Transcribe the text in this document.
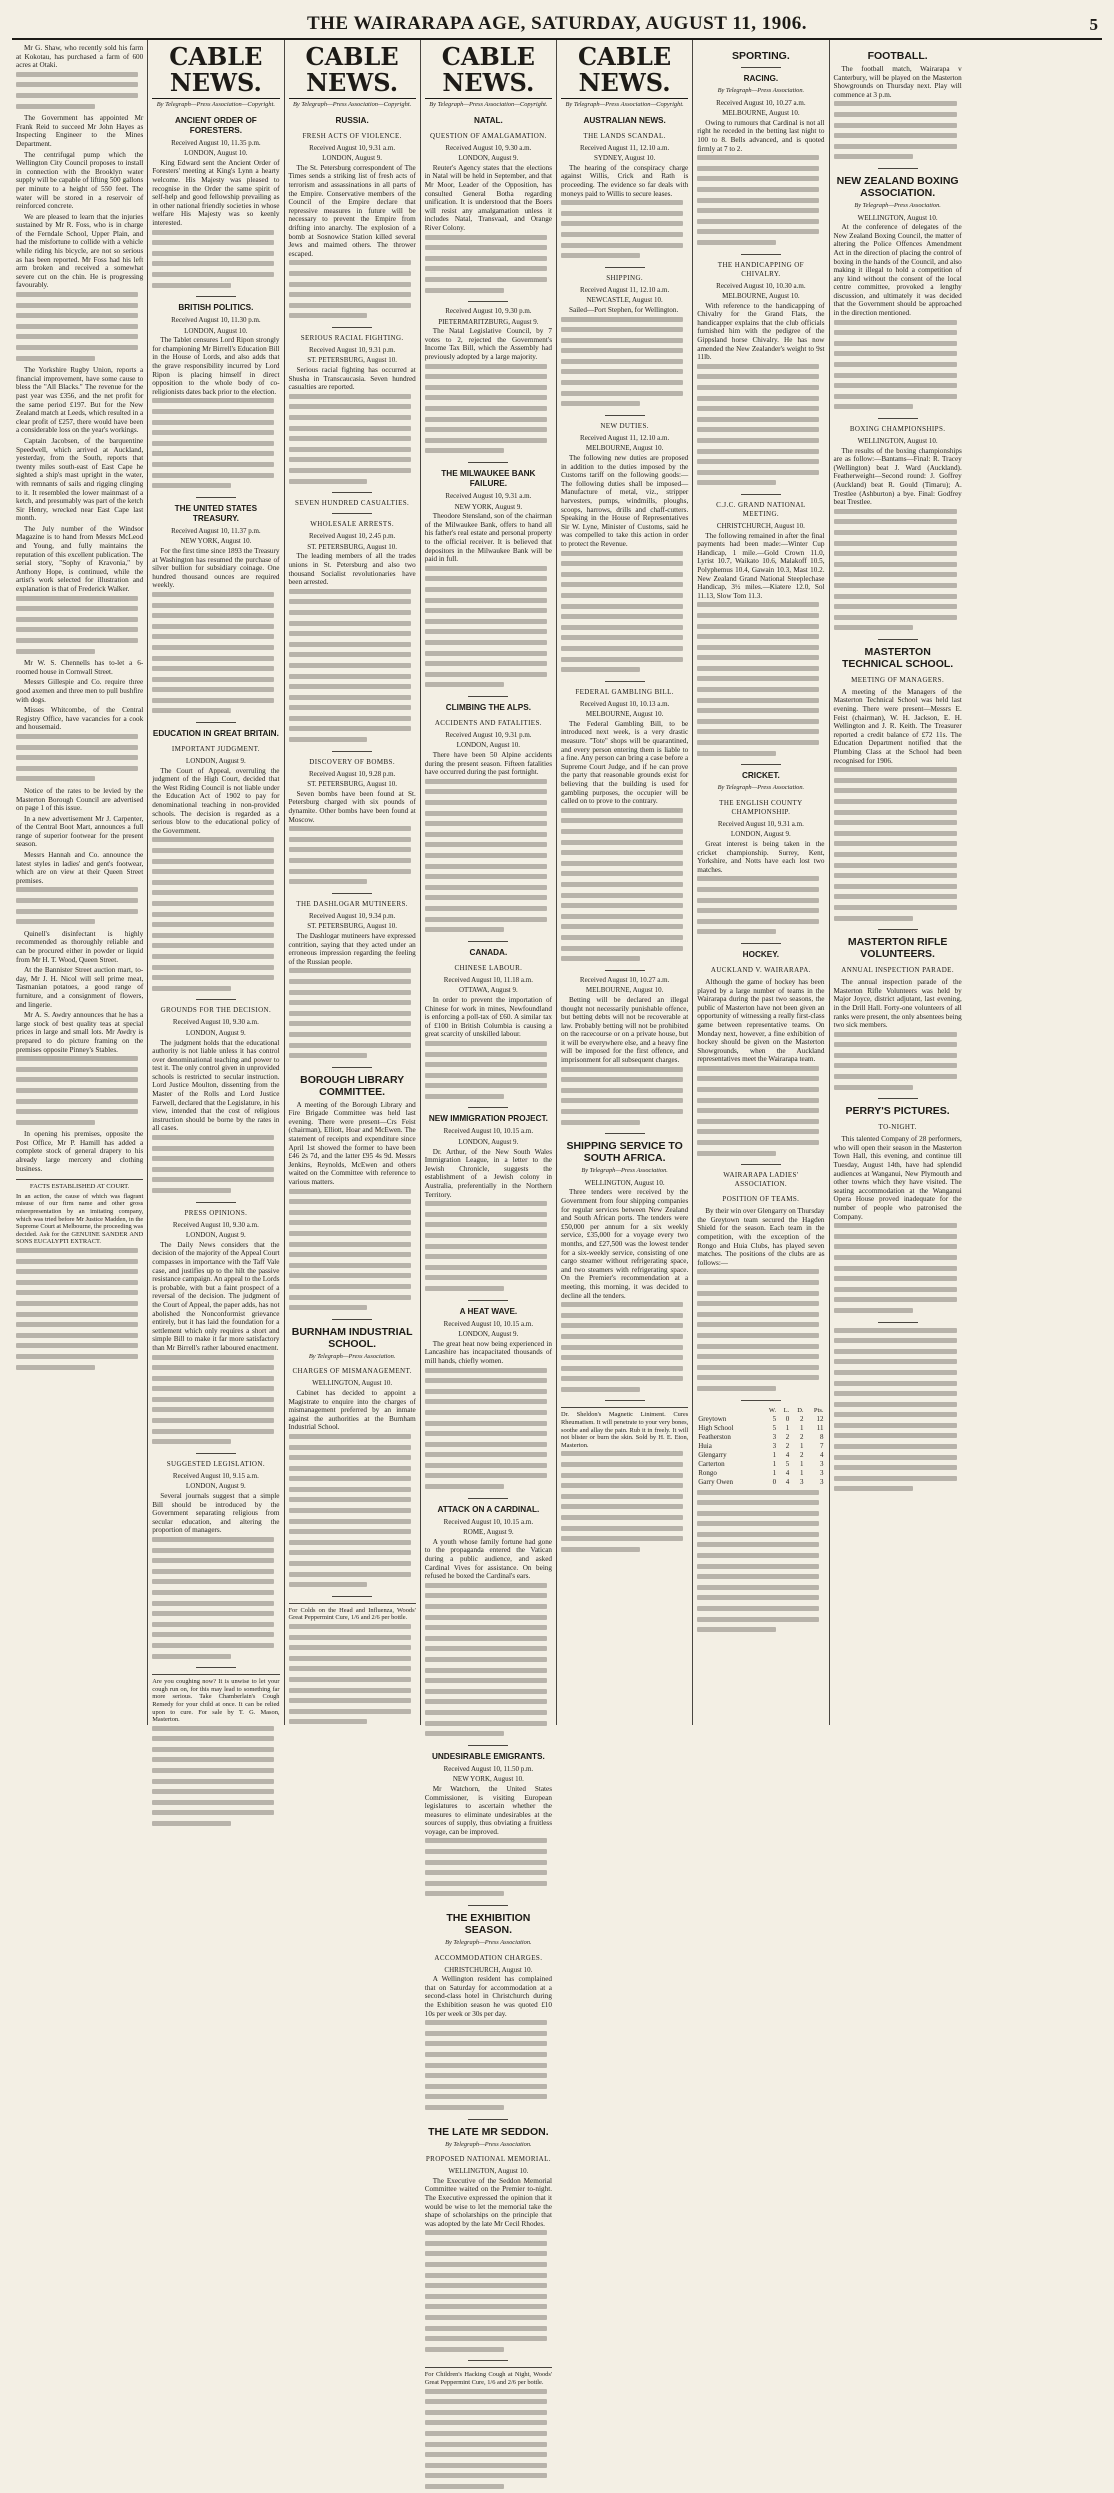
THE WAIRARAPA AGE, SATURDAY, AUGUST 11, 1906.	5

Mr G. Shaw, who recently sold his farm at Kokotau, has purchased a farm of 600 acres at Otaki.

The Government has appointed Mr Frank Reid to succeed Mr John Hayes as Inspecting Engineer to the Mines Department.

The centrifugal pump which the Wellington City Council proposes to install in connection with the Brooklyn water supply will be capable of lifting 500 gallons per minute to a height of 550 feet. The water will be stored in a reservoir of reinforced concrete.

We are pleased to learn that the injuries sustained by Mr R. Foss, who is in charge of the Ferndale School, Upper Plain, and had the misfortune to collide with a vehicle while riding his bicycle, are not so serious as has been reported. Mr Foss had his left arm broken and received a somewhat severe cut on the chin. He is progressing favourably.

The Yorkshire Rugby Union, reports a financial improvement, have some cause to bless the "All Blacks." The revenue for the past year was £356, and the net profit for the same period £197. But for the New Zealand match at Leeds, which resulted in a clear profit of £257, there would have been a considerable loss on the year's workings.

Captain Jacobsen, of the barquentine Speedwell, which arrived at Auckland, yesterday, from the South, reports that twenty miles south-east of East Cape he sighted a ship's mast upright in the water, with remnants of sails and rigging clinging to it. It resembled the lower mainmast of a ketch, and presumably was part of the ketch Sir Henry, wrecked near East Cape last month.

The July number of the Windsor Magazine is to hand from Messrs McLeod and Young, and fully maintains the reputation of this excellent publication. The serial story, "Sophy of Kravonia," by Anthony Hope, is continued, while the artist's work selected for illustration and explanation is that of Frederick Walker.

Mr W. S. Chennells has to-let a 6-roomed house in Cornwall Street.

Messrs Gillespie and Co. require three good axemen and three men to pull bushfire with dogs.

Misses Whitcombe, of the Central Registry Office, have vacancies for a cook and housemaid.

Notice of the rates to be levied by the Masterton Borough Council are advertised on page 1 of this issue.

In a new advertisement Mr J. Carpenter, of the Central Boot Mart, announces a full range of superior footwear for the present season.

Messrs Hannah and Co. announce the latest styles in ladies' and gent's footwear, which are on view at their Queen Street premises.

Quinell's disinfectant is highly recommended as thoroughly reliable and can be procured either in powder or liquid from Mr H. T. Wood, Queen Street.

At the Bannister Street auction mart, to-day, Mr J. H. Nicol will sell prime meat, Tasmanian potatoes, a good range of furniture, and a consignment of flowers, and lingerie.

Mr A. S. Awdry announces that he has a large stock of best quality teas at special prices in large and small lots. Mr Awdry is prepared to do picture framing on the premises opposite Pinney's Stables.

In opening his premises, opposite the Post Office, Mr P. Hamill has added a complete stock of general drapery to his already large mercery and clothing business.

FACTS ESTABLISHED AT COURT.
In an action, the cause of which was flagrant misuse of our firm name and other gross misrepresentation by an imitating company, which was tried before Mr Justice Madden, in the Supreme Court at Melbourne, the proceeding was decided. Ask for the GENUINE SANDER AND SONS EUCALYPTI EXTRACT.
CABLE NEWS.
By Telegraph—Press Association—Copyright.
ANCIENT ORDER OF FORESTERS.
Received August 10, 11.35 p.m.
LONDON, August 10.

King Edward sent the Ancient Order of Foresters' meeting at King's Lynn a hearty welcome. His Majesty was pleased to recognise in the Order the same spirit of self-help and good fellowship prevailing as in other national friendly societies in whose welfare His Majesty was so keenly interested.

BRITISH POLITICS.
Received August 10, 11.30 p.m.
LONDON, August 10.

The Tablet censures Lord Ripon strongly for championing Mr Birrell's Education Bill in the House of Lords, and also adds that the grave responsibility incurred by Lord Ripon is placing himself in direct opposition to the whole body of co-religionists dates back prior to the election.

THE UNITED STATES TREASURY.
Received August 10, 11.37 p.m.
NEW YORK, August 10.

For the first time since 1893 the Treasury at Washington has resumed the purchase of silver bullion for subsidiary coinage. One hundred thousand ounces are required weekly.

EDUCATION IN GREAT BRITAIN.
IMPORTANT JUDGMENT.
LONDON, August 9.

The Court of Appeal, overruling the judgment of the High Court, decided that the West Riding Council is not liable under the Education Act of 1902 to pay for denominational teaching in non-provided schools. The decision is regarded as a serious blow to the educational policy of the Government.

GROUNDS FOR THE DECISION.
Received August 10, 9.30 a.m.
LONDON, August 9.

The judgment holds that the educational authority is not liable unless it has control over denominational teaching and power to test it. The only control given in unprovided schools is restricted to secular instruction. Lord Justice Moulton, dissenting from the Master of the Rolls and Lord Justice Farwell, declared that the Legislature, in his view, intended that the cost of religious instruction should be borne by the rates in all cases.

PRESS OPINIONS.
Received August 10, 9.30 a.m.
LONDON, August 9.

The Daily News considers that the decision of the majority of the Appeal Court compasses in importance with the Taff Vale case, and justifies up to the hilt the passive resistance campaign. An appeal to the Lords is probable, with but a faint prospect of a reversal of the decision. The judgment of the Court of Appeal, the paper adds, has not abolished the Nonconformist grievance entirely, but it has laid the foundation for a settlement which only requires a short and simple Bill to make it far more satisfactory than Mr Birrell's rather laboured enactment.

SUGGESTED LEGISLATION.
Received August 10, 9.15 a.m.
LONDON, August 9.

Several journals suggest that a simple Bill should be introduced by the Government separating religious from secular education, and altering the proportion of managers.

Are you coughing now? It is unwise to let your cough run on, for this may lead to something far more serious. Take Chamberlain's Cough Remedy for your child at once. It can be relied upon to cure. For sale by T. G. Mason, Masterton.
CABLE NEWS.
By Telegraph—Press Association—Copyright.
RUSSIA.
FRESH ACTS OF VIOLENCE.
Received August 10, 9.31 a.m.
LONDON, August 9.

The St. Petersburg correspondent of The Times sends a striking list of fresh acts of terrorism and assassinations in all parts of the Empire. Conservative members of the Council of the Empire declare that repressive measures in future will be necessary to prevent the Empire from drifting into anarchy. The explosion of a bomb at Sosnowice Station killed several Jews and maimed others. The thrower escaped.

SERIOUS RACIAL FIGHTING.
Received August 10, 9.31 p.m.
ST. PETERSBURG, August 10.

Serious racial fighting has occurred at Shusha in Transcaucasia. Seven hundred casualties are reported.

SEVEN HUNDRED CASUALTIES.
WHOLESALE ARRESTS.
Received August 10, 2.45 p.m.
ST. PETERSBURG, August 10.

The leading members of all the trades unions in St. Petersburg and also two thousand Socialist revolutionaries have been arrested.

DISCOVERY OF BOMBS.
Received August 10, 9.28 p.m.
ST. PETERSBURG, August 10.

Seven bombs have been found at St. Petersburg charged with six pounds of dynamite. Other bombs have been found at Moscow.

THE DASHLOGAR MUTINEERS.
Received August 10, 9.34 p.m.
ST. PETERSBURG, August 10.

The Dashlogar mutineers have expressed contrition, saying that they acted under an erroneous impression regarding the feeling of the Russian people.

BOROUGH LIBRARY COMMITTEE.

A meeting of the Borough Library and Fire Brigade Committee was held last evening. There were present—Crs Feist (chairman), Elliott, Hoar and McEwen. The statement of receipts and expenditure since April 1st showed the former to have been £46 2s 7d, and the latter £95 4s 9d. Messrs Jenkins, Reynolds, McEwen and others waited on the Committee with reference to various matters.

BURNHAM INDUSTRIAL SCHOOL.
By Telegraph—Press Association.
CHARGES OF MISMANAGEMENT.
WELLINGTON, August 10.

Cabinet has decided to appoint a Magistrate to enquire into the charges of mismanagement preferred by an inmate against the authorities at the Burnham Industrial School.

For Colds on the Head and Influenza, Woods' Great Peppermint Cure, 1/6 and 2/6 per bottle.
CABLE NEWS.
By Telegraph—Press Association—Copyright.
NATAL.
QUESTION OF AMALGAMATION.
Received August 10, 9.30 a.m.
LONDON, August 9.

Reuter's Agency states that the elections in Natal will be held in September, and that Mr Moor, Leader of the Opposition, has consulted General Botha regarding unification. It is understood that the Boers will resist any amalgamation unless it includes Natal, Transvaal, and Orange River Colony.

Received August 10, 9.30 p.m.
PIETERMARITZBURG, August 9.

The Natal Legislative Council, by 7 votes to 2, rejected the Government's Income Tax Bill, which the Assembly had previously adopted by a large majority.

THE MILWAUKEE BANK FAILURE.
Received August 10, 9.31 a.m.
NEW YORK, August 9.

Theodore Stensland, son of the chairman of the Milwaukee Bank, offers to hand all his father's real estate and personal property to the official receiver. It is believed that depositors in the Milwaukee Bank will be paid in full.

CLIMBING THE ALPS.
ACCIDENTS AND FATALITIES.
Received August 10, 9.31 p.m.
LONDON, August 10.

There have been 50 Alpine accidents during the present season. Fifteen fatalities have occurred during the past fortnight.

CANADA.
CHINESE LABOUR.
Received August 10, 11.18 a.m.
OTTAWA, August 9.

In order to prevent the importation of Chinese for work in mines, Newfoundland is enforcing a poll-tax of £60. A similar tax of £100 in British Columbia is causing a great scarcity of unskilled labour.

NEW IMMIGRATION PROJECT.
Received August 10, 10.15 a.m.
LONDON, August 9.

Dr. Arthur, of the New South Wales Immigration League, in a letter to the Jewish Chronicle, suggests the establishment of a Jewish colony in Australia, preferentially in the Northern Territory.

A HEAT WAVE.
Received August 10, 10.15 a.m.
LONDON, August 9.

The great heat now being experienced in Lancashire has incapacitated thousands of mill hands, chiefly women.

ATTACK ON A CARDINAL.
Received August 10, 10.15 a.m.
ROME, August 9.

A youth whose family fortune had gone to the propaganda entered the Vatican during a public audience, and asked Cardinal Vives for assistance. On being refused he boxed the Cardinal's ears.

UNDESIRABLE EMIGRANTS.
Received August 10, 11.50 p.m.
NEW YORK, August 10.

Mr Watchorn, the United States Commissioner, is visiting European legislatures to ascertain whether the measures to eliminate undesirables at the sources of supply, thus obviating a fruitless voyage, can be improved.

THE EXHIBITION SEASON.
By Telegraph—Press Association.
ACCOMMODATION CHARGES.
CHRISTCHURCH, August 10.

A Wellington resident has complained that on Saturday for accommodation at a second-class hotel in Christchurch during the Exhibition season he was quoted £10 10s per week or 30s per day.

THE LATE MR SEDDON.
By Telegraph—Press Association.
PROPOSED NATIONAL MEMORIAL.
WELLINGTON, August 10.

The Executive of the Seddon Memorial Committee waited on the Premier to-night. The Executive expressed the opinion that it would be wise to let the memorial take the shape of scholarships on the principle that was adopted by the late Mr Cecil Rhodes.

For Children's Hacking Cough at Night, Woods' Great Peppermint Cure, 1/6 and 2/6 per bottle.
CABLE NEWS.
By Telegraph—Press Association—Copyright.
AUSTRALIAN NEWS.
THE LANDS SCANDAL.
Received August 11, 12.10 a.m.
SYDNEY, August 10.

The hearing of the conspiracy charge against Willis, Crick and Rath is proceeding. The evidence so far deals with moneys paid to Willis to secure leases.

SHIPPING.
Received August 11, 12.10 a.m.
NEWCASTLE, August 10.

Sailed—Port Stephen, for Wellington.

NEW DUTIES.
Received August 11, 12.10 a.m.
MELBOURNE, August 10.

The following new duties are proposed in addition to the duties imposed by the Customs tariff on the following goods:—The following duties shall be imposed—Manufacture of metal, viz., stripper harvesters, pumps, windmills, ploughs, scoops, harrows, drills and chaff-cutters. Speaking in the House of Representatives Sir W. Lyne, Minister of Customs, said he was compelled to take this action in order to protect the Revenue.

FEDERAL GAMBLING BILL.
Received August 10, 10.13 a.m.
MELBOURNE, August 10.

The Federal Gambling Bill, to be introduced next week, is a very drastic measure. "Tote" shops will be quarantined, and every person entering them is liable to a fine. Any person can bring a case before a Supreme Court Judge, and if he can prove the party that reasonable grounds exist for believing that the building is used for gambling purposes, the occupier will be called on to prove to the contrary.

Received August 10, 10.27 a.m.
MELBOURNE, August 10.

Betting will be declared an illegal thought not necessarily punishable offence, but betting debts will not be recoverable at law. Probably betting will not be prohibited on the racecourse or on a private house, but it will be everywhere else, and a heavy fine will be imposed for the first offence, and imprisonment for all subsequent charges.

SHIPPING SERVICE TO SOUTH AFRICA.
By Telegraph—Press Association.
WELLINGTON, August 10.

Three tenders were received by the Government from four shipping companies for regular services between New Zealand and South African ports. The tenders were £50,000 per annum for a six weekly service, £35,000 for a voyage every two months, and £27,500 was the lowest tender for a six-weekly service, consisting of one cargo steamer without refrigerating space, and two steamers with refrigerating space. On the Premier's recommendation at a meeting, this morning, it was decided to decline all the tenders.

Dr. Sheldon's Magnetic Liniment. Cures Rheumatism. It will penetrate to your very bones, soothe and allay the pain. Rub it in freely. It will not blister or burn the skin. Sold by H. E. Eton, Masterton.
SPORTING.
RACING.
By Telegraph—Press Association.
Received August 10, 10.27 a.m.
MELBOURNE, August 10.

Owing to rumours that Cardinal is not all right he receded in the betting last night to 100 to 8. Bells advanced, and is quoted firmly at 7 to 2.

THE HANDICAPPING OF CHIVALRY.
Received August 10, 10.30 a.m.
MELBOURNE, August 10.

With reference to the handicapping of Chivalry for the Grand Flats, the handicapper explains that the club officials furnished him with the pedigree of the Gippsland horse Chivalry. He has now amended the New Zealander's weight to 9st 11lb.

C.J.C. GRAND NATIONAL MEETING.
CHRISTCHURCH, August 10.

The following remained in after the final payments had been made:—Winter Cup Handicap, 1 mile.—Gold Crown 11.0, Lyrist 10.7, Waikato 10.6, Malakoff 10.5, Polyphemus 10.4, Gawain 10.3, Mast 10.2. New Zealand Grand National Steeplechase Handicap, 3½ miles.—Kiatere 12.0, Sol 11.13, Slow Tom 11.3.

CRICKET.
By Telegraph—Press Association.
THE ENGLISH COUNTY CHAMPIONSHIP.
Received August 10, 9.31 a.m.
LONDON, August 9.

Great interest is being taken in the cricket championship. Surrey, Kent, Yorkshire, and Notts have each lost two matches.

HOCKEY.
AUCKLAND V. WAIRARAPA.

Although the game of hockey has been played by a large number of teams in the Wairarapa during the past two seasons, the public of Masterton have not been given an opportunity of witnessing a really first-class game between representative teams. On Monday next, however, a fine exhibition of hockey should be given on the Masterton Showgrounds, when the Auckland representatives meet the Wairarapa team.

WAIRARAPA LADIES' ASSOCIATION.
POSITION OF TEAMS.

By their win over Glengarry on Thursday the Greytown team secured the Hagden Shield for the season. Each team in the competition, with the exception of the Rongo and Huia Clubs, has played seven matches. The positions of the clubs are as follows:—

	W.	L.	D.	Pts.
Greytown	5	0	2	12
High School	5	1	1	11
Featherston	3	2	2	8
Huia	3	2	1	7
Glengarry	1	4	2	4
Carterton	1	5	1	3
Rongo	1	4	1	3
Garry Owen	0	4	3	3
FOOTBALL.

The football match, Wairarapa v Canterbury, will be played on the Masterton Showgrounds on Thursday next. Play will commence at 3 p.m.

NEW ZEALAND BOXING ASSOCIATION.
By Telegraph—Press Association.
WELLINGTON, August 10.

At the conference of delegates of the New Zealand Boxing Council, the matter of altering the Police Offences Amendment Act in the direction of placing the control of boxing in the hands of the Council, and also making it illegal to hold a competition of any kind without the consent of the local centre committee, provoked a lengthy discussion, and ultimately it was decided that the Government should be approached in the direction mentioned.

BOXING CHAMPIONSHIPS.
WELLINGTON, August 10.

The results of the boxing championships are as follow:—Bantams—Final: R. Tracey (Wellington) beat J. Ward (Auckland). Featherweight—Second round: J. Goffrey (Auckland) beat R. Gould (Timaru); A. Trestlee (Ashburton) a bye. Final: Godfrey beat Trestlee.

MASTERTON TECHNICAL SCHOOL.
MEETING OF MANAGERS.

A meeting of the Managers of the Masterton Technical School was held last evening. There were present—Messrs E. Feist (chairman), W. H. Jackson, E. H. Wellington and J. R. Keith. The Treasurer reported a credit balance of £72 11s. The Education Department notified that the Plumbing Class at the School had been recognised for 1906.

MASTERTON RIFLE VOLUNTEERS.
ANNUAL INSPECTION PARADE.

The annual inspection parade of the Masterton Rifle Volunteers was held by Major Joyce, district adjutant, last evening, in the Drill Hall. Forty-one volunteers of all ranks were present, the only absentees being two sick members.

PERRY'S PICTURES.
TO-NIGHT.

This talented Company of 28 performers, who will open their season in the Masterton Town Hall, this evening, and continue till Tuesday, August 14th, have had splendid audiences at Wanganui, New Plymouth and other towns which they have visited. The seating accommodation at the Wanganui Opera House proved inadequate for the number of people who patronised the Company.
